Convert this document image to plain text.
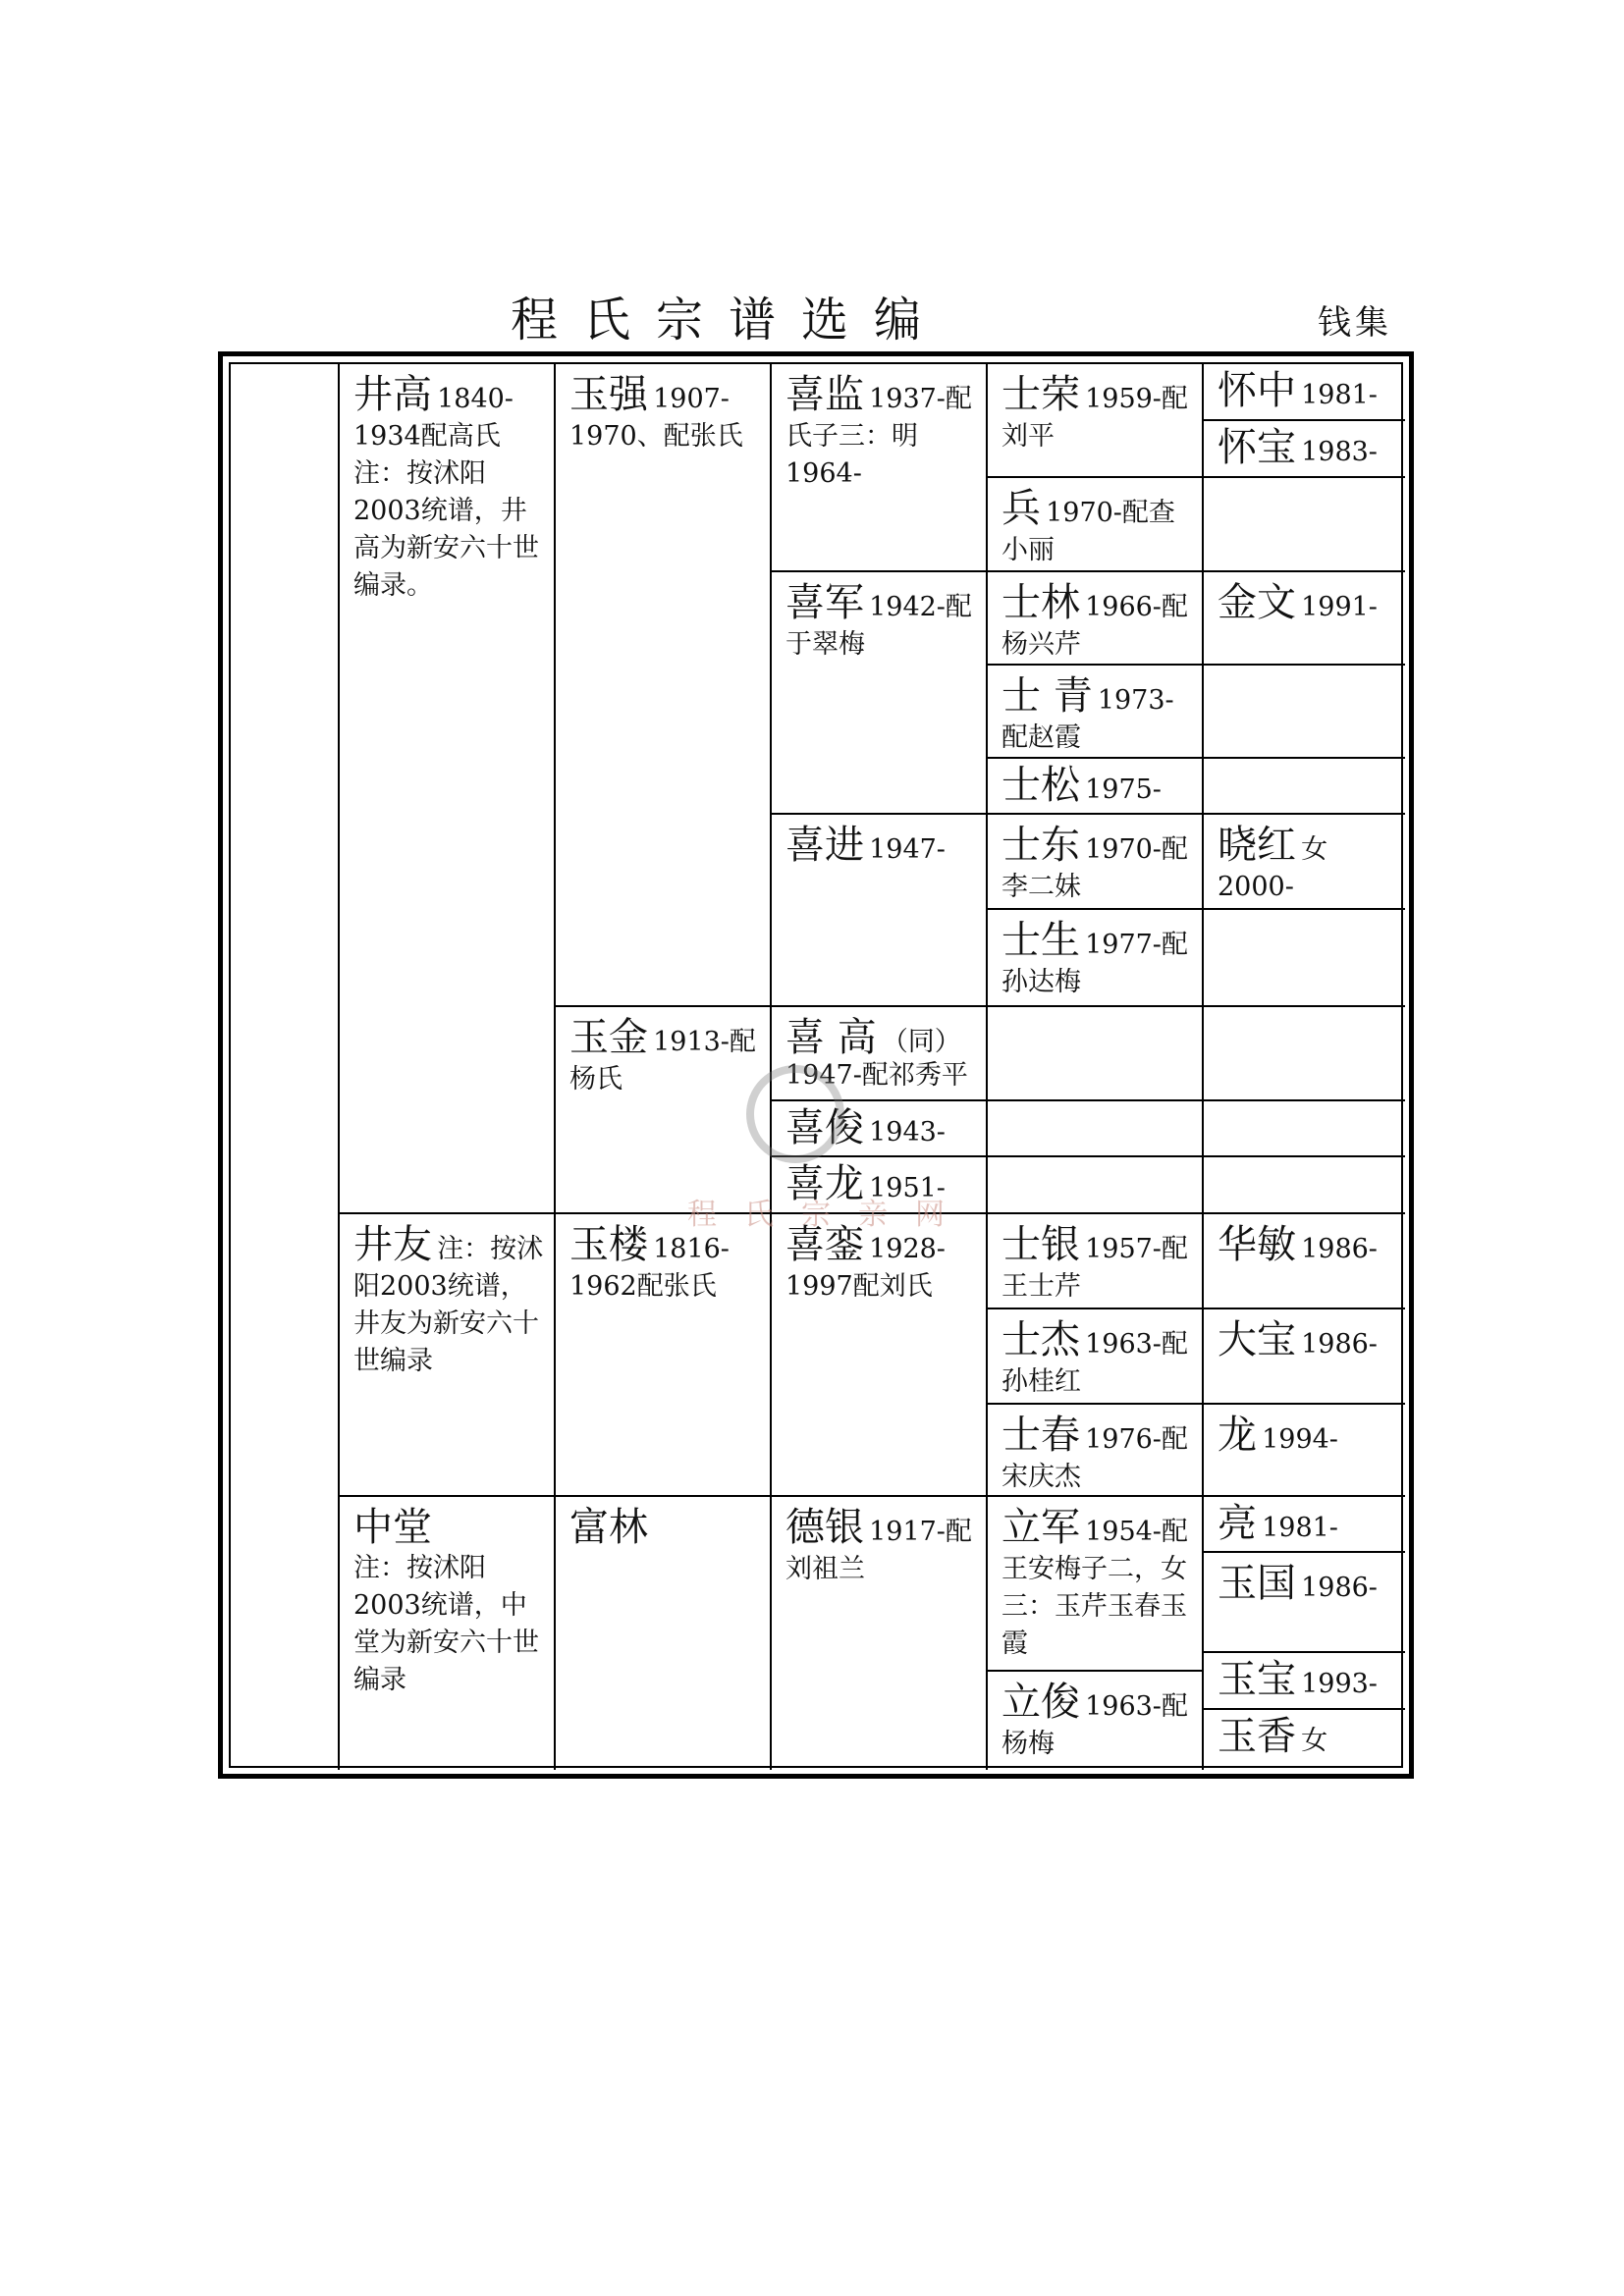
程氏宗谱选编	钱集
井高 1840-1934配高氏注：按沭阳2003统谱，井高为新安六十世编录。
井友 注：按沭阳2003统谱，井友为新安六十世编录
中堂
注：按沭阳2003统谱，中堂为新安六十世编录
玉强 1907-1970、配张氏
玉金 1913-配杨氏
玉楼 1816-1962配张氏
富林
喜监 1937-配　氏子三：明1964-
喜军 1942-配于翠梅
喜进 1947-
喜 高 （同）
1947-配祁秀平
喜俊 1943-
喜龙 1951-
喜銮 1928-1997配刘氏
德银 1917-配刘祖兰
士荣 1959-配刘平
兵 1970-配查小丽
士林 1966-配杨兴芹
士 青 1973-配赵霞
士松 1975-
士东 1970-配李二妹
士生 1977-配孙达梅
士银 1957-配王士芹
士杰 1963-配孙桂红
士春 1976-配宋庆杰
立军 1954-配王安梅子二，女三：玉芹玉春玉霞
立俊 1963-配杨梅
怀中 1981-
怀宝 1983-
金文 1991-
晓红 女
2000-
华敏 1986-
大宝 1986-
龙 1994-
亮 1981-
玉国 1986-
玉宝 1993-
玉香 女
程氏宗亲网
